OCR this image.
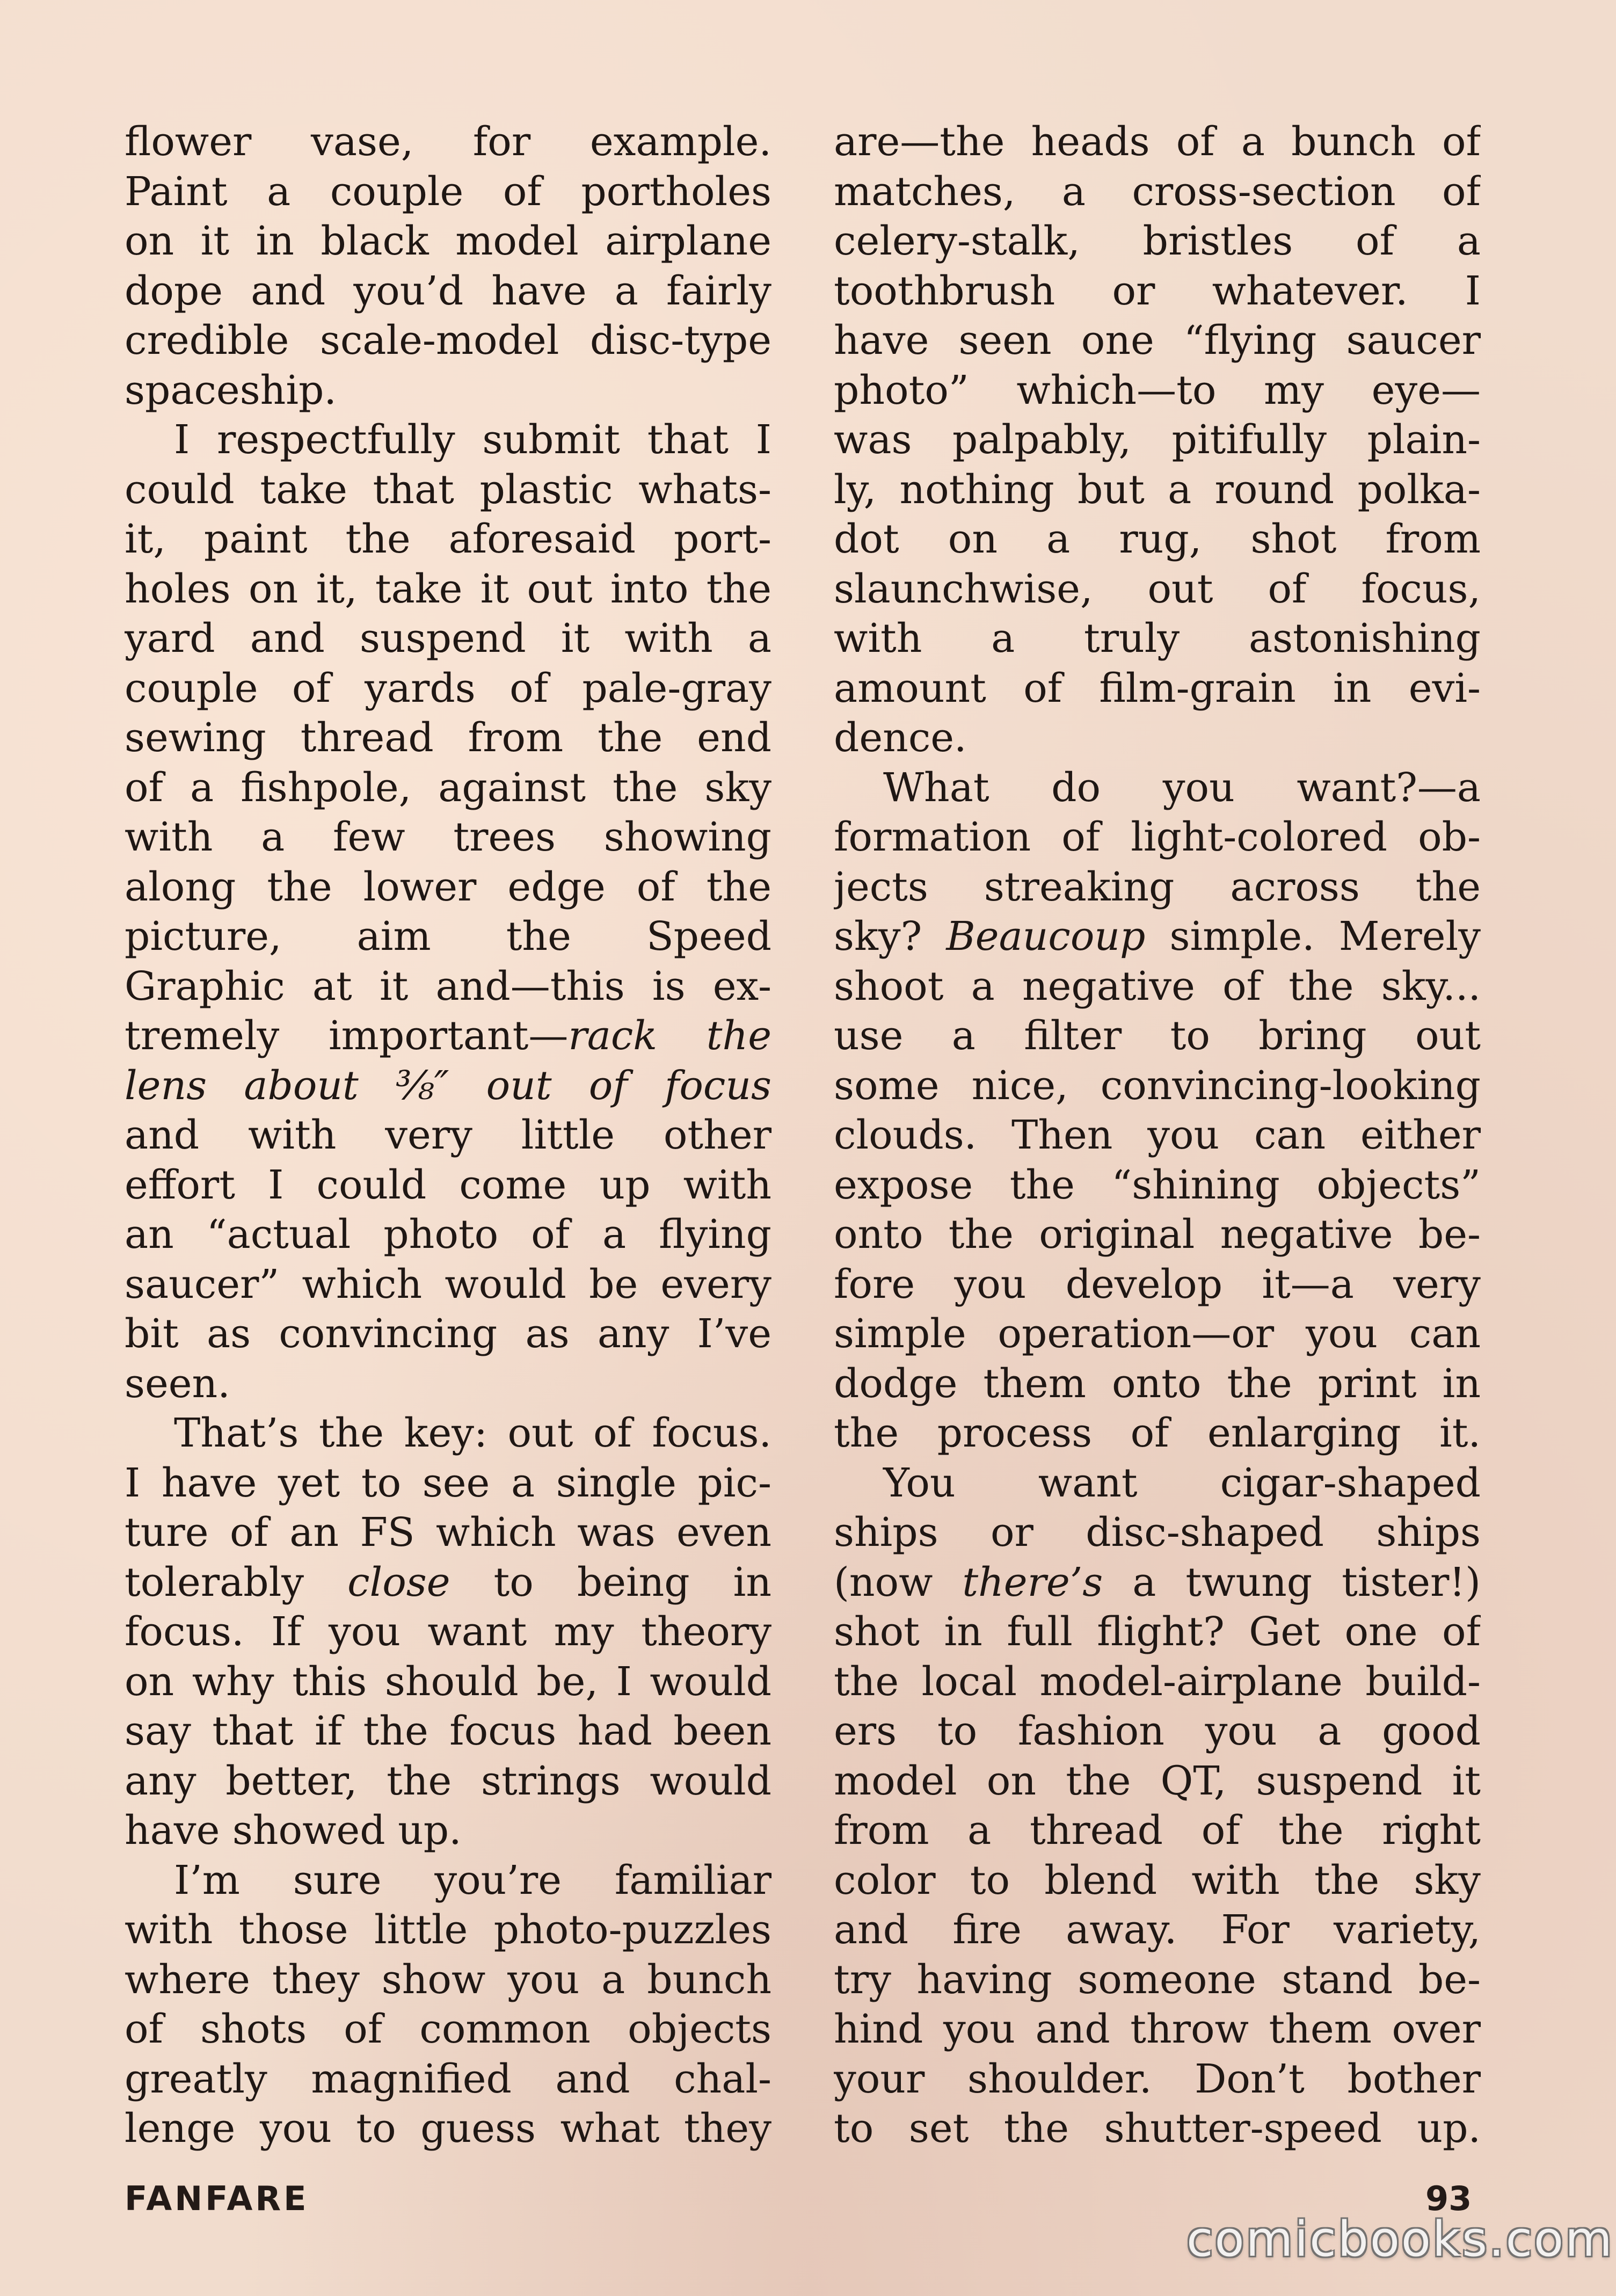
flower vase, for example.
Paint a couple of portholes
on it in black model airplane
dope and you’d have a fairly
credible scale-model disc-type
spaceship.
I respectfully submit that I
could take that plastic whats-
it, paint the aforesaid port-
holes on it, take it out into the
yard and suspend it with a
couple of yards of pale-gray
sewing thread from the end
of a fishpole, against the sky
with a few trees showing
along the lower edge of the
picture, aim the Speed
Graphic at it and—this is ex-
tremely important—rack the
lens about ⅜″ out of focus
and with very little other
effort I could come up with
an “actual photo of a flying
saucer” which would be every
bit as convincing as any I’ve
seen.
That’s the key: out of focus.
I have yet to see a single pic-
ture of an FS which was even
tolerably close to being in
focus. If you want my theory
on why this should be, I would
say that if the focus had been
any better, the strings would
have showed up.
I’m sure you’re familiar
with those little photo-puzzles
where they show you a bunch
of shots of common objects
greatly magnified and chal-
lenge you to guess what they
are—the heads of a bunch of
matches, a cross-section of
celery-stalk, bristles of a
toothbrush or whatever. I
have seen one “flying saucer
photo” which—to my eye—
was palpably, pitifully plain-
ly, nothing but a round polka-
dot on a rug, shot from
slaunchwise, out of focus,
with a truly astonishing
amount of film-grain in evi-
dence.
What do you want?—a
formation of light-colored ob-
jects streaking across the
sky? Beaucoup simple. Merely
shoot a negative of the sky...
use a filter to bring out
some nice, convincing-looking
clouds. Then you can either
expose the “shining objects”
onto the original negative be-
fore you develop it—a very
simple operation—or you can
dodge them onto the print in
the process of enlarging it.
You want cigar-shaped
ships or disc-shaped ships
(now there’s a twung tister!)
shot in full flight? Get one of
the local model-airplane build-
ers to fashion you a good
model on the QT, suspend it
from a thread of the right
color to blend with the sky
and fire away. For variety,
try having someone stand be-
hind you and throw them over
your shoulder. Don’t bother
to set the shutter-speed up.
FANFARE	93
comicbooks.com
